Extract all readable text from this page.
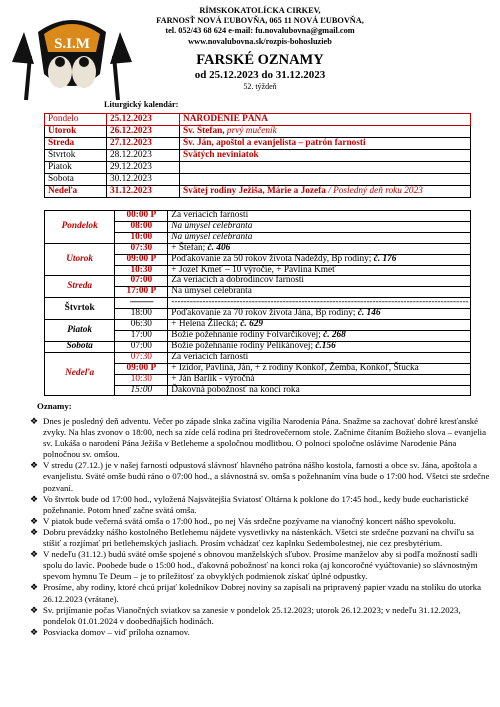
S.I.M
RÍMSKOKATOLÍCKA CIRKEV,
FARNOSŤ NOVÁ ĽUBOVŇA, 065 11 NOVÁ ĽUBOVŇA,
tel. 052/43 68 624 e-mail: fu.novalubovna@gmail.com
www.novalubovna.sk/rozpis-bohosluzieb
FARSKÉ OZNAMY
od 25.12.2023 do 31.12.2023
52. týždeň
Liturgický kalendár:
Pondelo	25.12.2023	NARODENIE PÁNA
Utorok	26.12.2023	Sv. Štefan, prvý mučeník
Streda	27.12.2023	Sv. Ján, apoštol a evanjelista – patrón farnosti
Štvrtok	28.12.2023	Svätých neviniatok
Piatok	29.12.2023	
Sobota	30.12.2023	
Nedeľa	31.12.2023	Svätej rodiny Ježiša, Márie a Jozefa / Posledný deň roku 2023
Pondelok	00:00 P	Za veriacich farnosti
	08:00	Na úmysel celebranta
	10:00	Na úmysel celebranta
Utorok	07:30	+ Štefan; č. 406
	09:00 P	Poďakovanie za 50 rokov života Nadeždy, Bp rodiny; č. 176
	10:30	+ Jozef Kmeť – 10 výročie, + Pavlína Kmeť
Streda	07:00	Za veriacich a dobrodincov farnosti
	17:00 P	Na úmysel celebranta
Štvrtok	-----------	------------------------------------------------------------------------------------------------
	18:00	Poďakovanie za 70 rokov života Jána, Bp rodiny; č. 146
Piatok	06:30	+ Helena Žilecká; č. 629
	17:00	Božie požehnanie rodiny Folvarčíkovej; č. 268
Sobota	07:00	Božie požehnanie rodiny Pelikánovej; č.156
Nedeľa	07:30	Za veriacich farnosti
	09:00 P	+ Izidor, Pavlína, Ján, + z rodiny Konkoľ, Žemba, Konkoľ, Štucka
	10:30	+ Ján Barlík - výročná
	15:00	Ďakovná pobožnosť na konci roka
Oznamy:
❖ Dnes je posledný deň adventu. Večer po západe slnka začína vigília Narodenia Pána. Snažme sa zachovať dobré kresťanské zvyky. Na hlas zvonov o 18:00, nech sa zíde celá rodina pri štedrovečernom stole. Začnime čítaním Božieho slova – evanjelia sv. Lukáša o narodení Pána Ježiša v Betleheme a spoločnou modlitbou. O polnoci spoločne oslávime Narodenie Pána polnočnou sv. omšou.
❖ V stredu (27.12.) je v našej farnosti odpustová slávnosť hlavného patróna nášho kostola, farnosti a obce sv. Jána, apoštola a evanjelistu. Sväté omše budú ráno o 07:00 hod., a slávnostná sv. omša s požehnaním vína bude o 17:00 hod. Všetci ste srdečne pozvaní.
❖ Vo štvrtok bude od 17:00 hod., vyložená Najsvätejšia Sviatosť Oltárna k poklone do 17:45 hod., kedy bude eucharistické požehnanie. Potom hneď začne svätá omša.
❖ V piatok bude večerná svätá omša o 17:00 hod., po nej Vás srdečne pozývame na vianočný koncert nášho spevokolu.
❖ Dobru prevádzky nášho kostolného Betlehemu nájdete vysvetlivky na nástenkách. Všetci ste srdečne pozvaní na chvíľu sa stíšiť a rozjímať pri betlehemských jasliach. Prosím vchádzať cez kaplnku Sedembolestnej, nie cez presbytérium.
❖ V nedeľu (31.12.) budú sväté omše spojené s obnovou manželských sľubov. Prosíme manželov aby si podľa možností sadli spolu do lavíc. Poobede bude o 15:00 hod., ďakovná pobožnosť na konci roka (aj koncoročné vyúčtovanie) so slávnostným spevom hymnu Te Deum – je to príležitosť za obvyklých podmienok získať úplné odpustky.
❖ Prosíme, aby rodiny, ktoré chcú prijať koledníkov Dobrej noviny sa zapísali na pripravený papier vzadu na stolíku do utorka 26.12.2023 (vrátane).
❖ Sv. prijímanie počas Vianočných sviatkov sa zanesie v pondelok 25.12.2023; utorok 26.12.2023; v nedeľu 31.12.2023, pondelok 01.01.2024 v doobedňajších hodinách.
❖ Posviacka domov – viď príloha oznamov.
